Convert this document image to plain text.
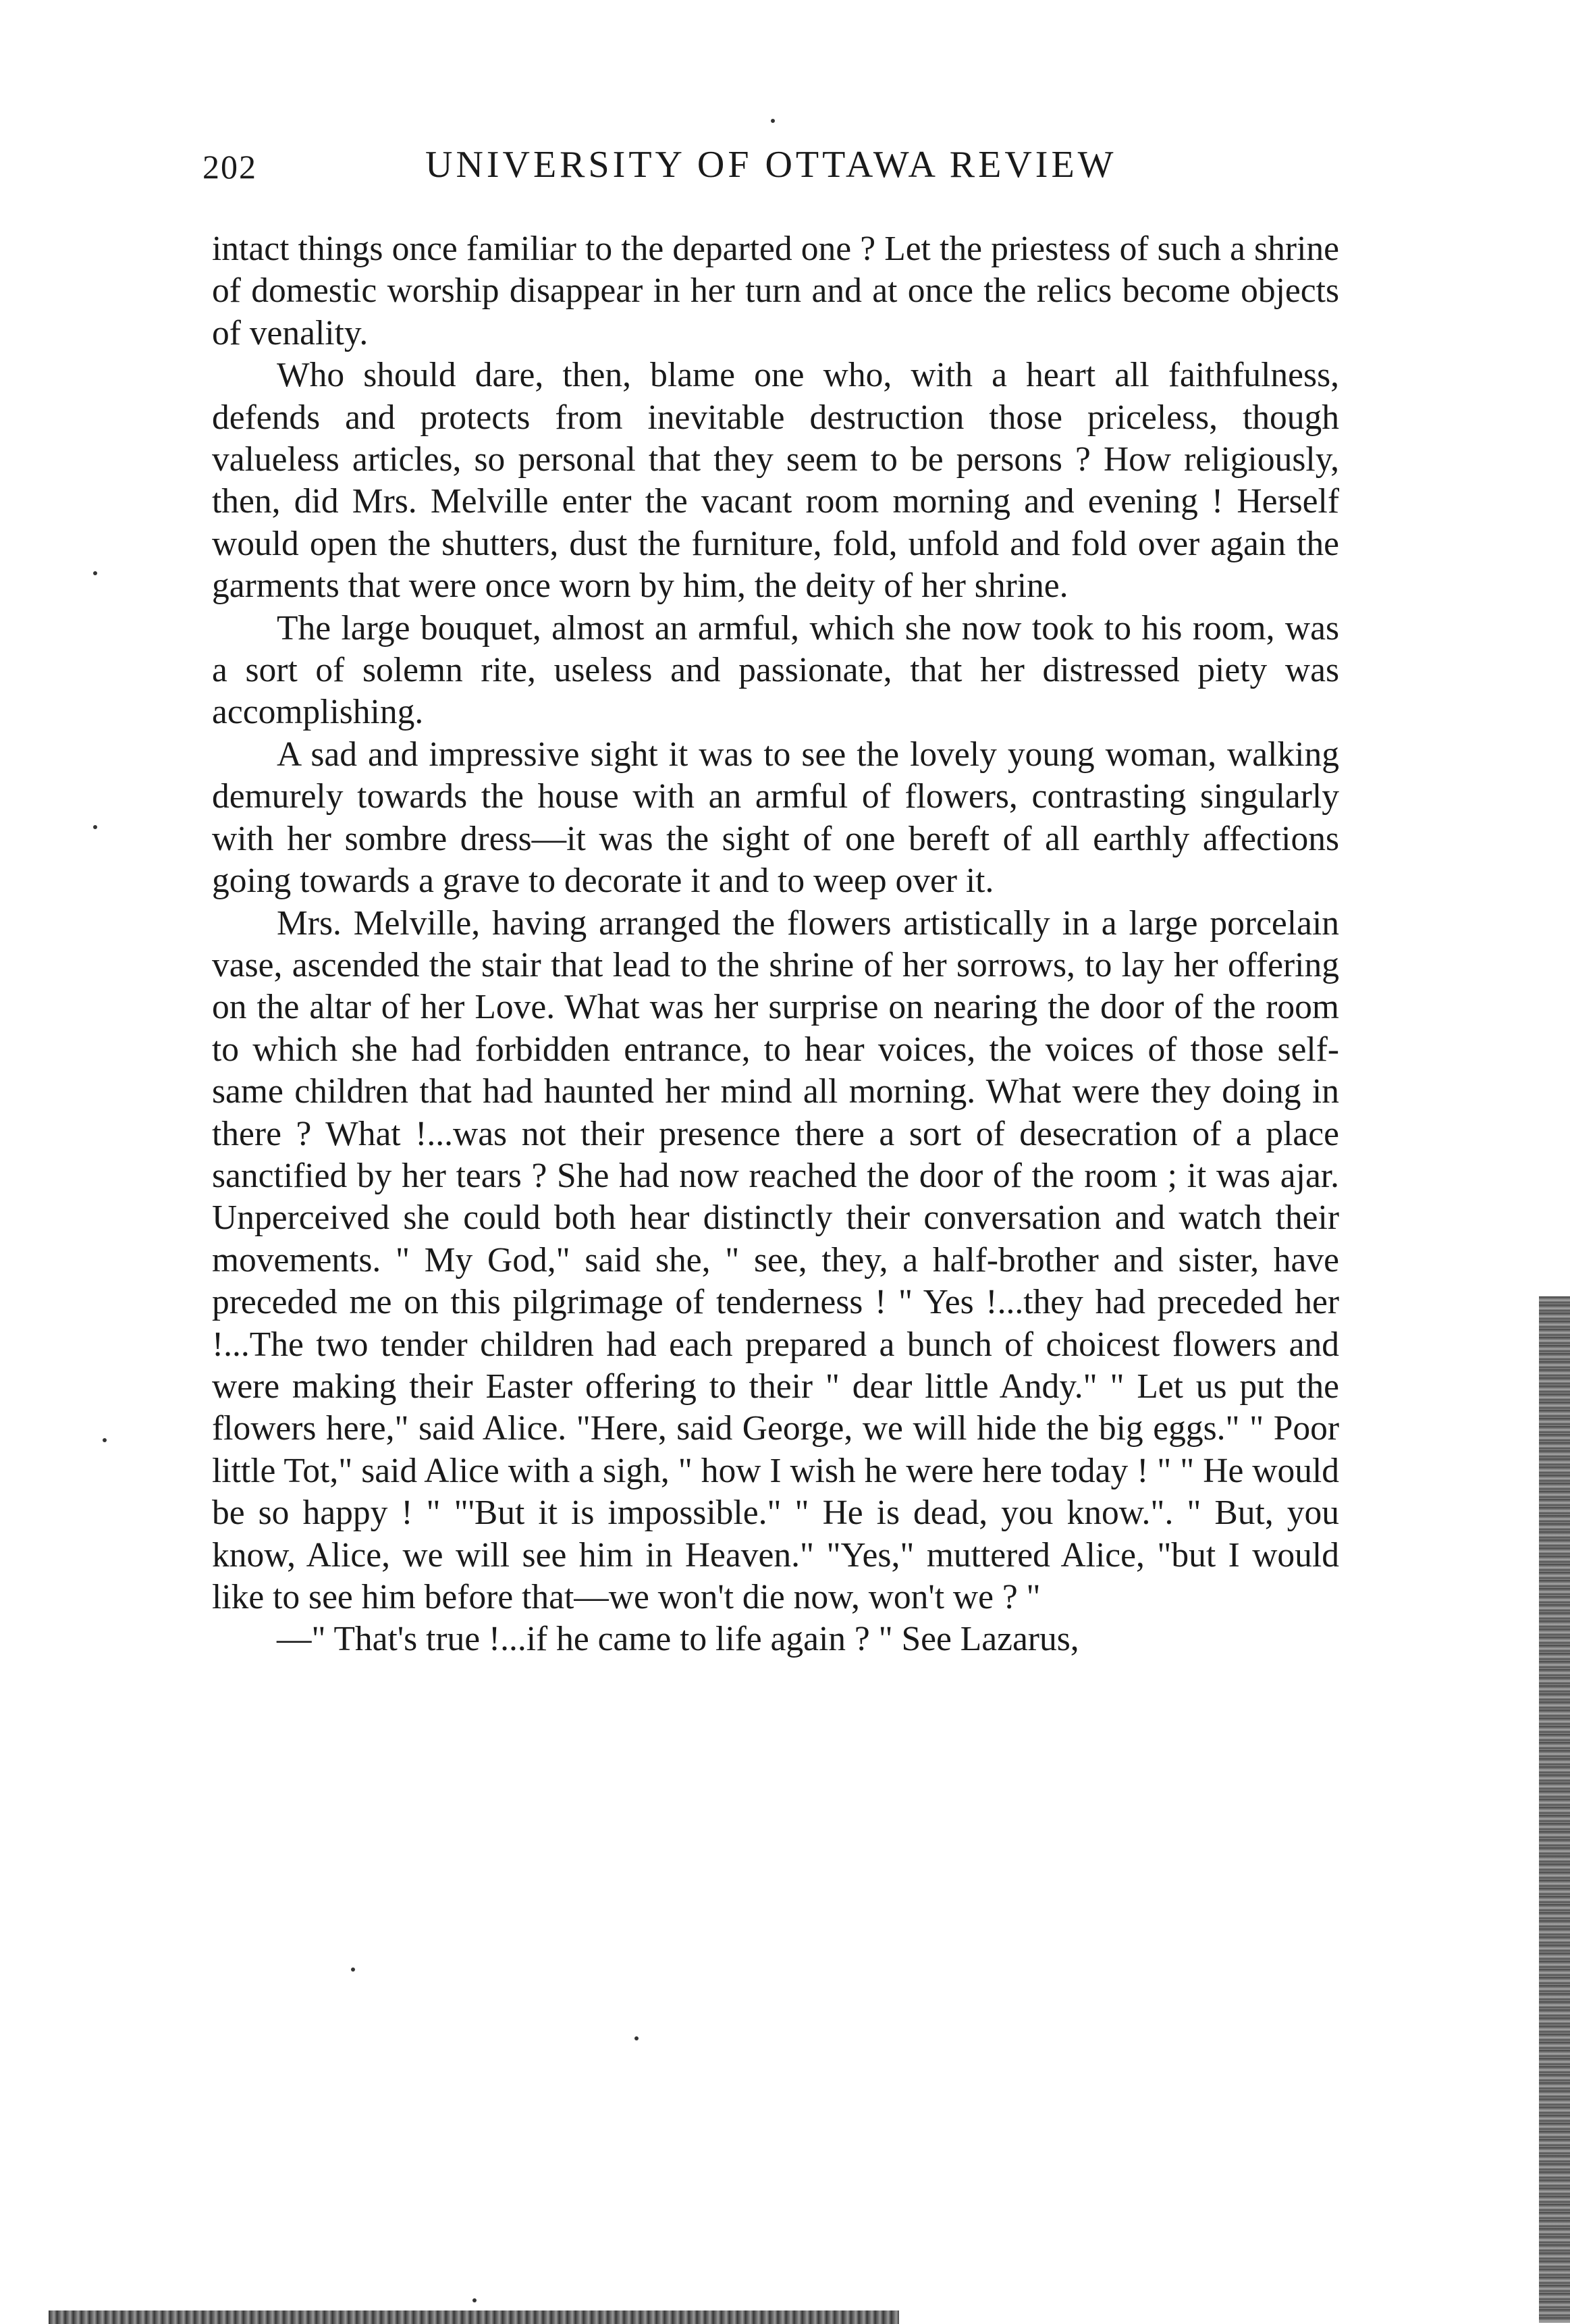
202	UNIVERSITY OF OTTAWA REVIEW

intact things once familiar to the departed one ? Let the priestess of such a shrine of domestic worship disappear in her turn and at once the relics become objects of venality.

Who should dare, then, blame one who, with a heart all faithfulness, defends and protects from inevitable destruction those priceless, though valueless articles, so personal that they seem to be persons ? How religiously, then, did Mrs. Melville enter the vacant room morning and evening ! Herself would open the shutters, dust the furniture, fold, unfold and fold over again the garments that were once worn by him, the deity of her shrine.

The large bouquet, almost an armful, which she now took to his room, was a sort of solemn rite, useless and passionate, that her distressed piety was accomplishing.

A sad and impressive sight it was to see the lovely young woman, walking demurely towards the house with an armful of flowers, contrasting singularly with her sombre dress—it was the sight of one bereft of all earthly affections going towards a grave to decorate it and to weep over it.

Mrs. Melville, having arranged the flowers artistically in a large porcelain vase, ascended the stair that lead to the shrine of her sorrows, to lay her offering on the altar of her Love. What was her surprise on nearing the door of the room to which she had forbidden entrance, to hear voices, the voices of those self-same children that had haunted her mind all morning. What were they doing in there ? What !...was not their presence there a sort of desecration of a place sanctified by her tears ? She had now reached the door of the room ; it was ajar. Unperceived she could both hear distinctly their conversation and watch their movements. " My God," said she, " see, they, a half-brother and sister, have preceded me on this pilgrimage of tenderness ! " Yes !...they had preceded her !...The two tender children had each prepared a bunch of choicest flowers and were making their Easter offering to their " dear little Andy." " Let us put the flowers here," said Alice. "Here, said George, we will hide the big eggs." " Poor little Tot," said Alice with a sigh, " how I wish he were here today ! " " He would be so happy ! " "'But it is impossible." " He is dead, you know.". " But, you know, Alice, we will see him in Heaven." "Yes," muttered Alice, "but I would like to see him before that—we won't die now, won't we ? "

—" That's true !...if he came to life again ? " See Lazarus,
